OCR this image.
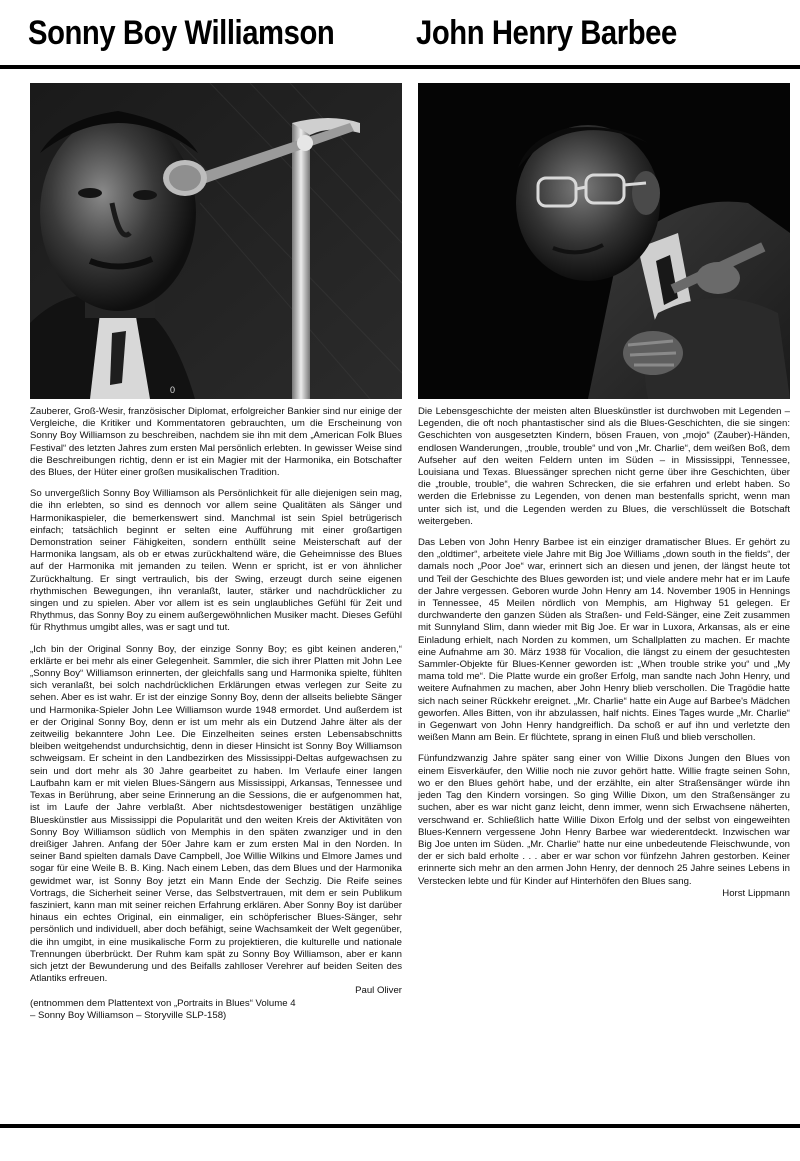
Sonny Boy Williamson John Henry Barbee
0

Zauberer, Groß-Wesir, französischer Diplomat, erfolgreicher Bankier sind nur einige der Vergleiche, die Kritiker und Kommentatoren gebrauchten, um die Erscheinung von Sonny Boy Williamson zu beschreiben, nachdem sie ihn mit dem „American Folk Blues Festival“ des letzten Jahres zum ersten Mal persönlich erlebten. In gewisser Weise sind die Beschreibungen richtig, denn er ist ein Magier mit der Harmonika, ein Botschafter des Blues, der Hüter einer großen musikalischen Tradition.

So unvergeßlich Sonny Boy Williamson als Persönlichkeit für alle diejenigen sein mag, die ihn erlebten, so sind es dennoch vor allem seine Qualitäten als Sänger und Harmonikaspieler, die bemerkenswert sind. Manchmal ist sein Spiel betrügerisch einfach; tatsächlich beginnt er selten eine Aufführung mit einer großartigen Demonstration seiner Fähigkeiten, sondern enthüllt seine Meisterschaft auf der Harmonika langsam, als ob er etwas zurückhaltend wäre, die Geheimnisse des Blues auf der Harmonika mit jemanden zu teilen. Wenn er spricht, ist er von ähnlicher Zurückhaltung. Er singt vertraulich, bis der Swing, erzeugt durch seine eigenen rhythmischen Bewegungen, ihn veranlaßt, lauter, stärker und nachdrücklicher zu singen und zu spielen. Aber vor allem ist es sein unglaubliches Gefühl für Zeit und Rhythmus, das Sonny Boy zu einem außergewöhnlichen Musiker macht. Dieses Gefühl für Rhythmus umgibt alles, was er sagt und tut.

„Ich bin der Original Sonny Boy, der einzige Sonny Boy; es gibt keinen anderen,“ erklärte er bei mehr als einer Gelegenheit. Sammler, die sich ihrer Platten mit John Lee „Sonny Boy“ Williamson erinnerten, der gleichfalls sang und Harmonika spielte, fühlten sich veranlaßt, bei solch nachdrücklichen Erklärungen etwas verlegen zur Seite zu sehen. Aber es ist wahr. Er ist der einzige Sonny Boy, denn der allseits beliebte Sänger und Harmonika-Spieler John Lee Williamson wurde 1948 ermordet. Und außerdem ist er der Original Sonny Boy, denn er ist um mehr als ein Dutzend Jahre älter als der zeitweilig bekanntere John Lee. Die Einzelheiten seines ersten Lebensabschnitts bleiben weitgehendst undurchsichtig, denn in dieser Hinsicht ist Sonny Boy Williamson schweigsam. Er scheint in den Landbezirken des Mississippi-Deltas aufgewachsen zu sein und dort mehr als 30 Jahre gearbeitet zu haben. Im Verlaufe einer langen Laufbahn kam er mit vielen Blues-Sängern aus Mississippi, Arkansas, Tennessee und Texas in Berührung, aber seine Erinnerung an die Sessions, die er aufgenommen hat, ist im Laufe der Jahre verblaßt. Aber nichtsdestoweniger bestätigen unzählige Blueskünstler aus Mississippi die Popularität und den weiten Kreis der Aktivitäten von Sonny Boy Williamson südlich von Memphis in den späten zwanziger und in den dreißiger Jahren. Anfang der 50er Jahre kam er zum ersten Mal in den Norden. In seiner Band spielten damals Dave Campbell, Joe Willie Wilkins und Elmore James und sogar für eine Weile B. B. King. Nach einem Leben, das dem Blues und der Harmonika gewidmet war, ist Sonny Boy jetzt ein Mann Ende der Sechzig. Die Reife seines Vortrags, die Sicherheit seiner Verse, das Selbstvertrauen, mit dem er sein Publikum fasziniert, kann man mit seiner reichen Erfahrung erklären. Aber Sonny Boy ist darüber hinaus ein echtes Original, ein einmaliger, ein schöpferischer Blues-Sänger, sehr persönlich und individuell, aber doch befähigt, seine Wachsamkeit der Welt gegenüber, die ihn umgibt, in eine musikalische Form zu projektieren, die kulturelle und nationale Trennungen überbrückt. Der Ruhm kam spät zu Sonny Boy Williamson, aber er kann sich jetzt der Bewunderung und des Beifalls zahlloser Verehrer auf beiden Seiten des Atlantiks erfreuen.

Paul Oliver
(entnommen dem Plattentext von „Portraits in Blues“ Volume 4
– Sonny Boy Williamson – Storyville SLP-158)

Die Lebensgeschichte der meisten alten Blueskünstler ist durchwoben mit Legenden – Legenden, die oft noch phantastischer sind als die Blues-Geschichten, die sie singen: Geschichten von ausgesetzten Kindern, bösen Frauen, von „mojo“ (Zauber)-Händen, endlosen Wanderungen, „trouble, trouble“ und von „Mr. Charlie“, dem weißen Boß, dem Aufseher auf den weiten Feldern unten im Süden – in Mississippi, Tennessee, Louisiana und Texas. Bluessänger sprechen nicht gerne über ihre Geschichten, über die „trouble, trouble“, die wahren Schrecken, die sie erfahren und erlebt haben. So werden die Erlebnisse zu Legenden, von denen man bestenfalls spricht, wenn man unter sich ist, und die Legenden werden zu Blues, die verschlüsselt die Botschaft weitergeben.

Das Leben von John Henry Barbee ist ein einziger dramatischer Blues. Er gehört zu den „oldtimer“, arbeitete viele Jahre mit Big Joe Williams „down south in the fields“, der damals noch „Poor Joe“ war, erinnert sich an diesen und jenen, der längst heute tot und Teil der Geschichte des Blues geworden ist; und viele andere mehr hat er im Laufe der Jahre vergessen. Geboren wurde John Henry am 14. November 1905 in Hennings in Tennessee, 45 Meilen nördlich von Memphis, am Highway 51 gelegen. Er durchwanderte den ganzen Süden als Straßen- und Feld-Sänger, eine Zeit zusammen mit Sunnyland Slim, dann wieder mit Big Joe. Er war in Luxora, Arkansas, als er eine Einladung erhielt, nach Norden zu kommen, um Schallplatten zu machen. Er machte eine Aufnahme am 30. März 1938 für Vocalion, die längst zu einem der gesuchtesten Sammler-Objekte für Blues-Kenner geworden ist: „When trouble strike you“ und „My mama told me“. Die Platte wurde ein großer Erfolg, man sandte nach John Henry, und weitere Aufnahmen zu machen, aber John Henry blieb verschollen. Die Tragödie hatte sich nach seiner Rückkehr ereignet. „Mr. Charlie“ hatte ein Auge auf Barbee's Mädchen geworfen. Alles Bitten, von ihr abzulassen, half nichts. Eines Tages wurde „Mr. Charlie“ in Gegenwart von John Henry handgreiflich. Da schoß er auf ihn und verletzte den weißen Mann am Bein. Er flüchtete, sprang in einen Fluß und blieb verschollen.

Fünfundzwanzig Jahre später sang einer von Willie Dixons Jungen den Blues von einem Eisverkäufer, den Willie noch nie zuvor gehört hatte. Willie fragte seinen Sohn, wo er den Blues gehört habe, und der erzählte, ein alter Straßensänger würde ihn jeden Tag den Kindern vorsingen. So ging Willie Dixon, um den Straßensänger zu suchen, aber es war nicht ganz leicht, denn immer, wenn sich Erwachsene näherten, verschwand er. Schließlich hatte Willie Dixon Erfolg und der selbst von eingeweihten Blues-Kennern vergessene John Henry Barbee war wiederentdeckt. Inzwischen war Big Joe unten im Süden. „Mr. Charlie“ hatte nur eine unbedeutende Fleischwunde, von der er sich bald erholte . . . aber er war schon vor fünfzehn Jahren gestorben. Keiner erinnerte sich mehr an den armen John Henry, der dennoch 25 Jahre seines Lebens in Verstecken lebte und für Kinder auf Hinterhöfen den Blues sang.

Horst Lippmann
